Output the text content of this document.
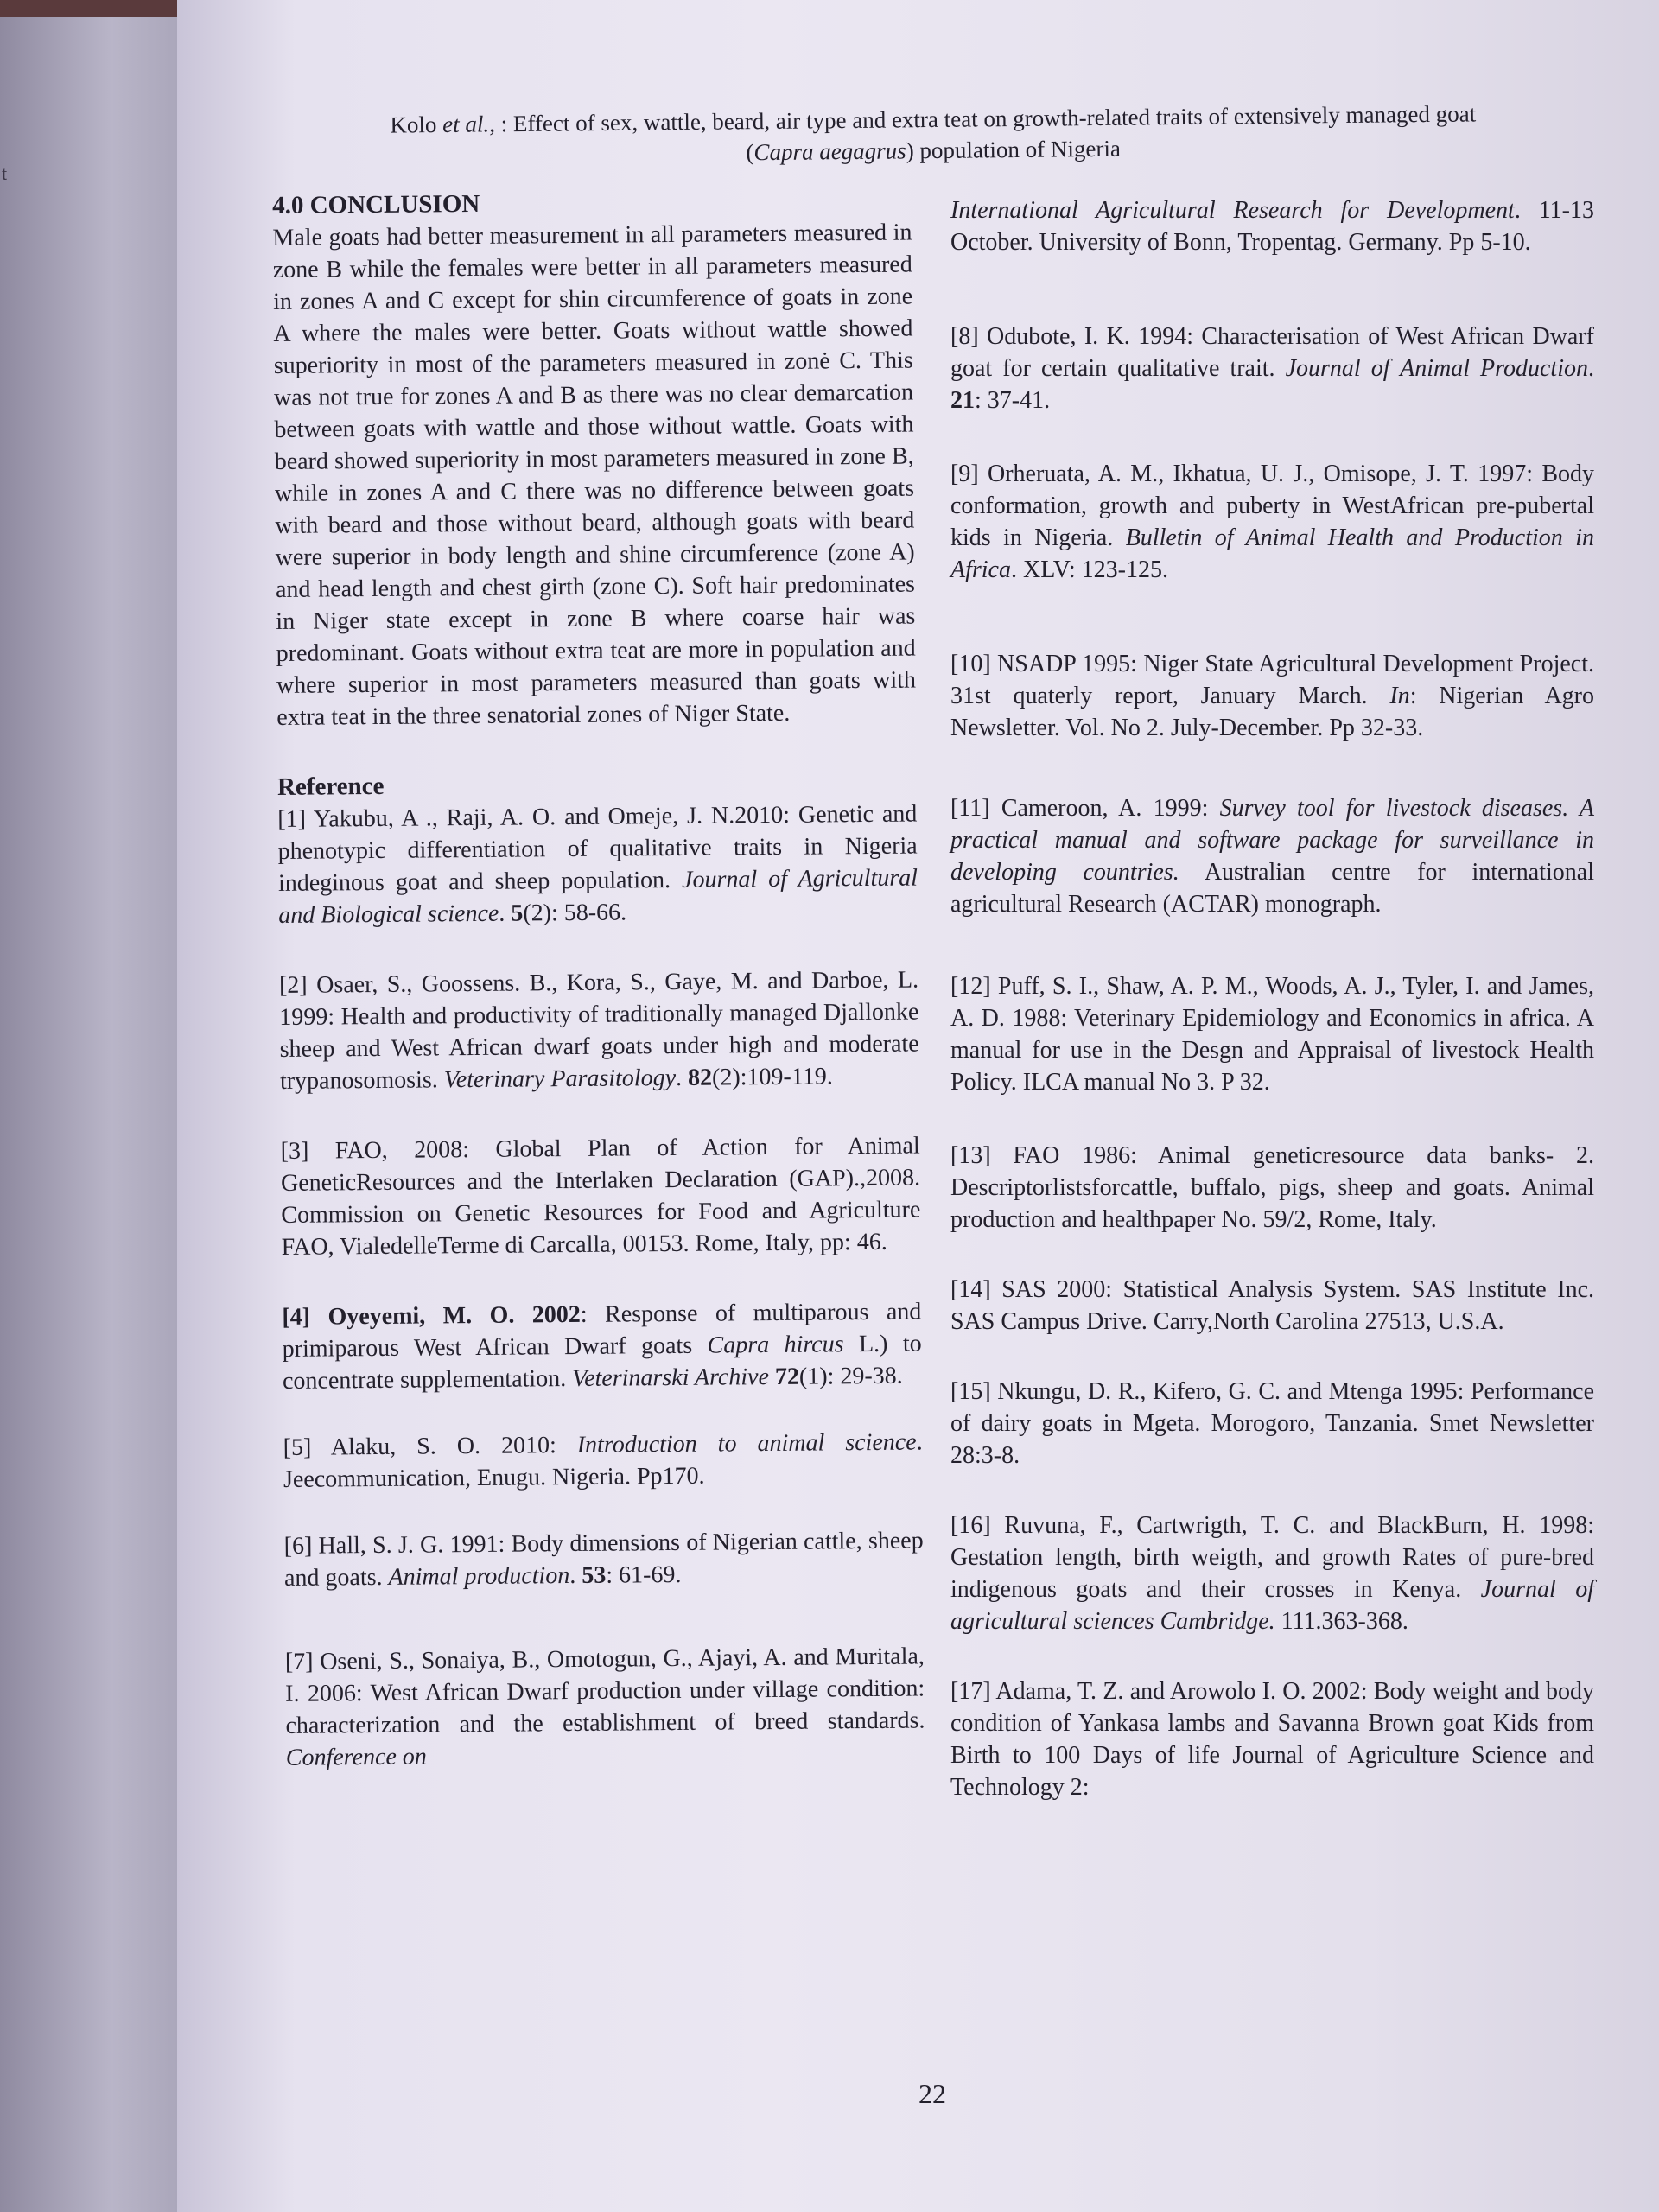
t
Kolo et al., : Effect of sex, wattle, beard, air type and extra teat on growth-related traits of extensively managed goat
(Capra aegagrus) population of Nigeria

4.0 CONCLUSION

Male goats had better measurement in all parameters measured in zone B while the females were better in all parameters measured in zones A and C except for shin circumference of goats in zone A where the males were better. Goats without wattle showed superiority in most of the parameters measured in zonė C. This was not true for zones A and B as there was no clear demarcation between goats with wattle and those without wattle. Goats with beard showed superiority in most parameters measured in zone B, while in zones A and C there was no difference between goats with beard and those without beard, although goats with beard were superior in body length and shine circumference (zone A) and head length and chest girth (zone C). Soft hair predominates in Niger state except in zone B where coarse hair was predominant. Goats without extra teat are more in population and where superior in most parameters measured than goats with extra teat in the three senatorial zones of Niger State.

Reference

[1] Yakubu, A ., Raji, A. O. and Omeje, J. N.2010: Genetic and phenotypic differentiation of qualitative traits in Nigeria indeginous goat and sheep population. Journal of Agricultural and Biological science. 5(2): 58-66.

[2] Osaer, S., Goossens. B., Kora, S., Gaye, M. and Darboe, L. 1999: Health and productivity of traditionally managed Djallonke sheep and West African dwarf goats under high and moderate trypanosomosis. Veterinary Parasitology. 82(2):109-119.

[3] FAO, 2008: Global Plan of Action for Animal GeneticResources and the Interlaken Declaration (GAP).,2008. Commission on Genetic Resources for Food and Agriculture FAO, VialedelleTerme di Carcalla, 00153. Rome, Italy, pp: 46.

[4] Oyeyemi, M. O. 2002: Response of multiparous and primiparous West African Dwarf goats Capra hircus L.) to concentrate supplementation. Veterinarski Archive 72(1): 29-38.

[5] Alaku, S. O. 2010: Introduction to animal science. Jeecommunication, Enugu. Nigeria. Pp170.

[6] Hall, S. J. G. 1991: Body dimensions of Nigerian cattle, sheep and goats. Animal production. 53: 61-69.

[7] Oseni, S., Sonaiya, B., Omotogun, G., Ajayi, A. and Muritala, I. 2006: West African Dwarf production under village condition: characterization and the establishment of breed standards. Conference on

International Agricultural Research for Development. 11-13 October. University of Bonn, Tropentag. Germany. Pp 5-10.

[8] Odubote, I. K. 1994: Characterisation of West African Dwarf goat for certain qualitative trait. Journal of Animal Production. 21: 37-41.

[9] Orheruata, A. M., Ikhatua, U. J., Omisope, J. T. 1997: Body conformation, growth and puberty in WestAfrican pre-pubertal kids in Nigeria. Bulletin of Animal Health and Production in Africa. XLV: 123-125.

[10] NSADP 1995: Niger State Agricultural Development Project. 31st quaterly report, January March. In: Nigerian Agro Newsletter. Vol. No 2. July-December. Pp 32-33.

[11] Cameroon, A. 1999: Survey tool for livestock diseases. A practical manual and software package for surveillance in developing countries. Australian centre for international agricultural Research (ACTAR) monograph.

[12] Puff, S. I., Shaw, A. P. M., Woods, A. J., Tyler, I. and James, A. D. 1988: Veterinary Epidemiology and Economics in africa. A manual for use in the Desgn and Appraisal of livestock Health Policy. ILCA manual No 3. P 32.

[13] FAO 1986: Animal geneticresource data banks- 2. Descriptorlistsforcattle, buffalo, pigs, sheep and goats. Animal production and healthpaper No. 59/2, Rome, Italy.

[14] SAS 2000: Statistical Analysis System. SAS Institute Inc. SAS Campus Drive. Carry,North Carolina 27513, U.S.A.

[15] Nkungu, D. R., Kifero, G. C. and Mtenga 1995: Performance of dairy goats in Mgeta. Morogoro, Tanzania. Smet Newsletter 28:3-8.

[16] Ruvuna, F., Cartwrigth, T. C. and BlackBurn, H. 1998: Gestation length, birth weigth, and growth Rates of pure-bred indigenous goats and their crosses in Kenya. Journal of agricultural sciences Cambridge. 111.363-368.

[17] Adama, T. Z. and Arowolo I. O. 2002: Body weight and body condition of Yankasa lambs and Savanna Brown goat Kids from Birth to 100 Days of life Journal of Agriculture Science and Technology 2:

22
